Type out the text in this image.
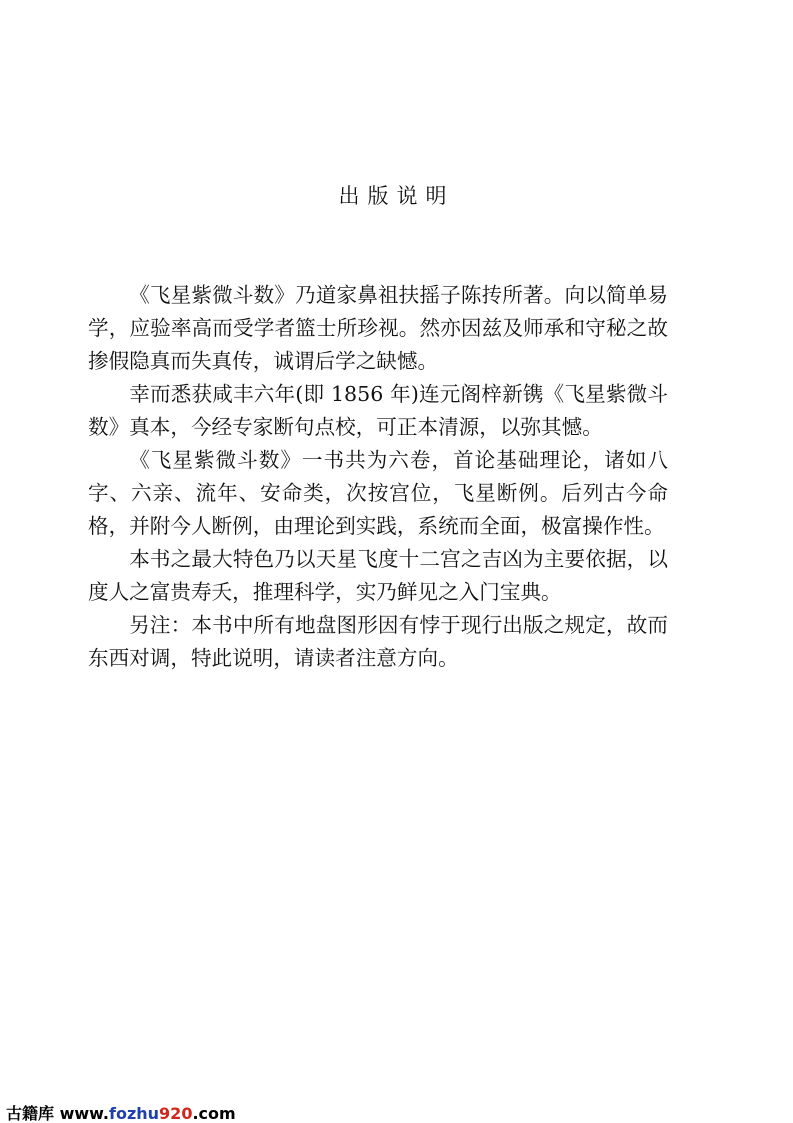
出版说明

《飞星紫微斗数》乃道家鼻祖扶摇子陈抟所著。向以简单易学，应验率高而受学者篮士所珍视。然亦因兹及师承和守秘之故掺假隐真而失真传，诚谓后学之缺憾。

幸而悉获咸丰六年(即 1856 年)连元阁梓新镌《飞星紫微斗数》真本，今经专家断句点校，可正本清源，以弥其憾。

《飞星紫微斗数》一书共为六卷，首论基础理论，诸如八字、六亲、流年、安命类，次按宫位，飞星断例。后列古今命格，并附今人断例，由理论到实践，系统而全面，极富操作性。

本书之最大特色乃以天星飞度十二宫之吉凶为主要依据，以度人之富贵寿夭，推理科学，实乃鲜见之入门宝典。

另注：本书中所有地盘图形因有悖于现行出版之规定，故而东西对调，特此说明，请读者注意方向。

古籍库 www.fozhu920.com
